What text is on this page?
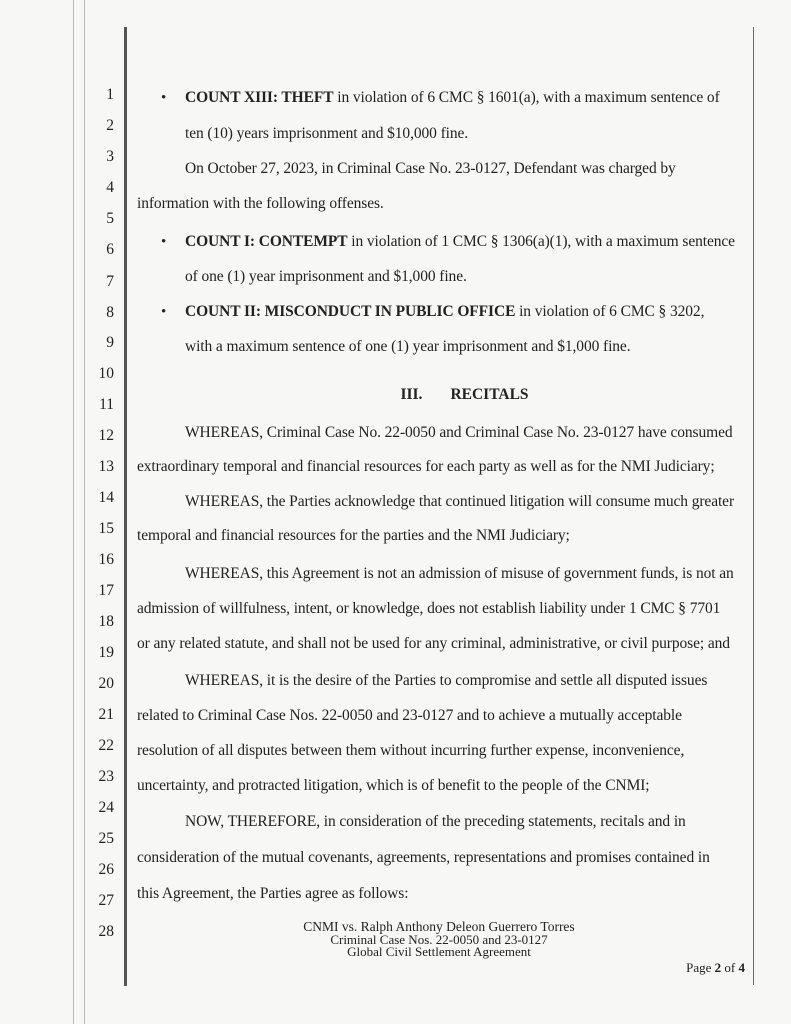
1
2
3
4
5
6
7
8
9
10
11
12
13
14
15
16
17
18
19
20
21
22
23
24
25
26
27
28
• COUNT XIII: THEFT in violation of 6 CMC § 1601(a), with a maximum sentence of
ten (10) years imprisonment and $10,000 fine.
On October 27, 2023, in Criminal Case No. 23-0127, Defendant was charged by
information with the following offenses.
• COUNT I: CONTEMPT in violation of 1 CMC § 1306(a)(1), with a maximum sentence
of one (1) year imprisonment and $1,000 fine.
• COUNT II: MISCONDUCT IN PUBLIC OFFICE in violation of 6 CMC § 3202,
with a maximum sentence of one (1) year imprisonment and $1,000 fine.
III. RECITALS
WHEREAS, Criminal Case No. 22-0050 and Criminal Case No. 23-0127 have consumed
extraordinary temporal and financial resources for each party as well as for the NMI Judiciary;
WHEREAS, the Parties acknowledge that continued litigation will consume much greater
temporal and financial resources for the parties and the NMI Judiciary;
WHEREAS, this Agreement is not an admission of misuse of government funds, is not an
admission of willfulness, intent, or knowledge, does not establish liability under 1 CMC § 7701
or any related statute, and shall not be used for any criminal, administrative, or civil purpose; and
WHEREAS, it is the desire of the Parties to compromise and settle all disputed issues
related to Criminal Case Nos. 22-0050 and 23-0127 and to achieve a mutually acceptable
resolution of all disputes between them without incurring further expense, inconvenience,
uncertainty, and protracted litigation, which is of benefit to the people of the CNMI;
NOW, THEREFORE, in consideration of the preceding statements, recitals and in
consideration of the mutual covenants, agreements, representations and promises contained in
this Agreement, the Parties agree as follows:
CNMI vs. Ralph Anthony Deleon Guerrero Torres
Criminal Case Nos. 22-0050 and 23-0127
Global Civil Settlement Agreement
Page 2 of 4
